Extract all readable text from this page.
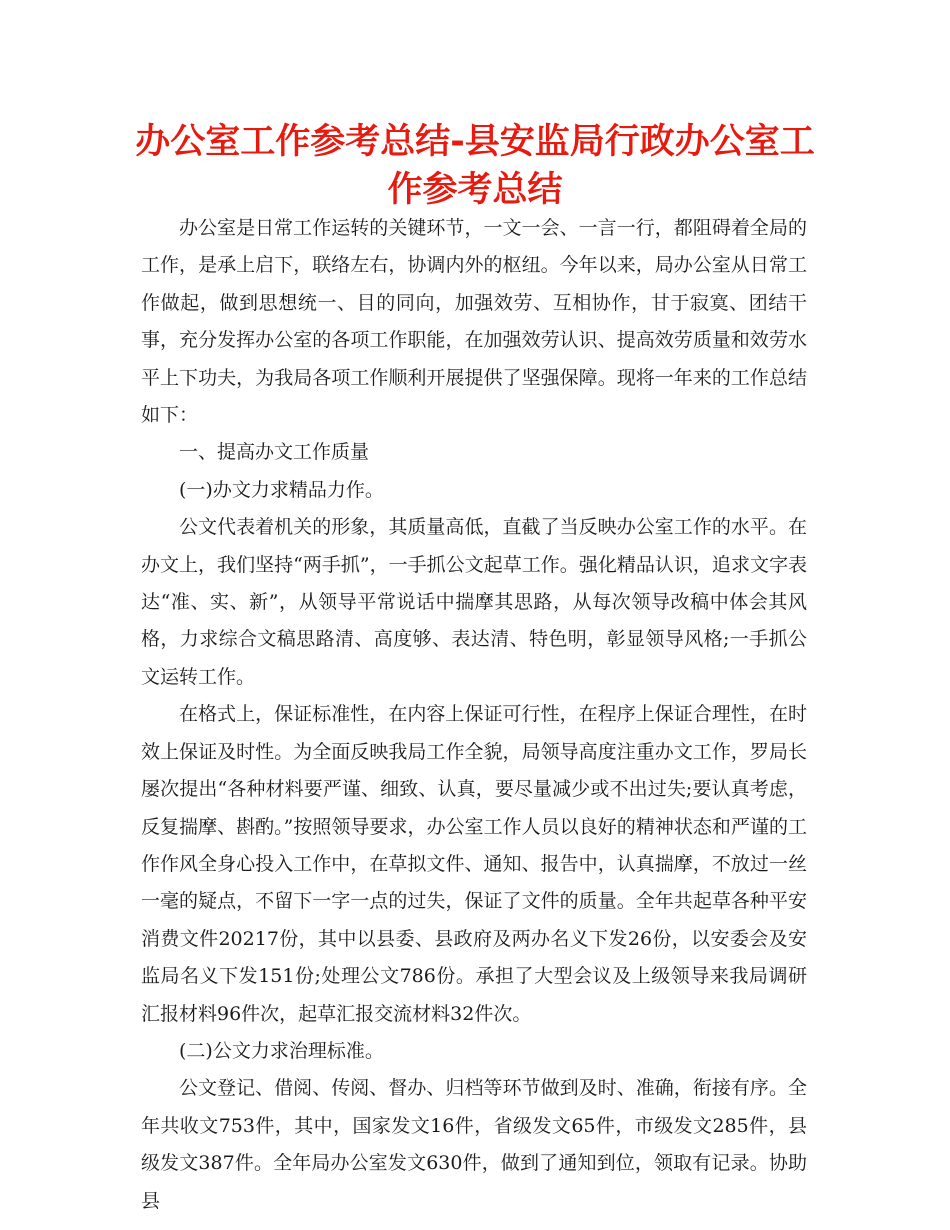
办公室工作参考总结-县安监局行政办公室工作参考总结

办公室是日常工作运转的关键环节，一文一会、一言一行，都阻碍着全局的工作，是承上启下，联络左右，协调内外的枢纽。今年以来，局办公室从日常工作做起，做到思想统一、目的同向，加强效劳、互相协作，甘于寂寞、团结干事，充分发挥办公室的各项工作职能，在加强效劳认识、提高效劳质量和效劳水平上下功夫，为我局各项工作顺利开展提供了坚强保障。现将一年来的工作总结如下：

一、提高办文工作质量

(一)办文力求精品力作。

公文代表着机关的形象，其质量高低，直截了当反映办公室工作的水平。在办文上，我们坚持“两手抓”，一手抓公文起草工作。强化精品认识，追求文字表达“准、实、新”，从领导平常说话中揣摩其思路，从每次领导改稿中体会其风格，力求综合文稿思路清、高度够、表达清、特色明，彰显领导风格;一手抓公文运转工作。

在格式上，保证标准性，在内容上保证可行性，在程序上保证合理性，在时效上保证及时性。为全面反映我局工作全貌，局领导高度注重办文工作，罗局长屡次提出“各种材料要严谨、细致、认真，要尽量减少或不出过失;要认真考虑，反复揣摩、斟酌。”按照领导要求，办公室工作人员以良好的精神状态和严谨的工作作风全身心投入工作中，在草拟文件、通知、报告中，认真揣摩，不放过一丝一毫的疑点，不留下一字一点的过失，保证了文件的质量。全年共起草各种平安消费文件20217份，其中以县委、县政府及两办名义下发26份，以安委会及安监局名义下发151份;处理公文786份。承担了大型会议及上级领导来我局调研汇报材料96件次，起草汇报交流材料32件次。

(二)公文力求治理标准。

公文登记、借阅、传阅、督办、归档等环节做到及时、准确，衔接有序。全年共收文753件，其中，国家发文16件，省级发文65件，市级发文285件，县级发文387件。全年局办公室发文630件，做到了通知到位，领取有记录。协助县
